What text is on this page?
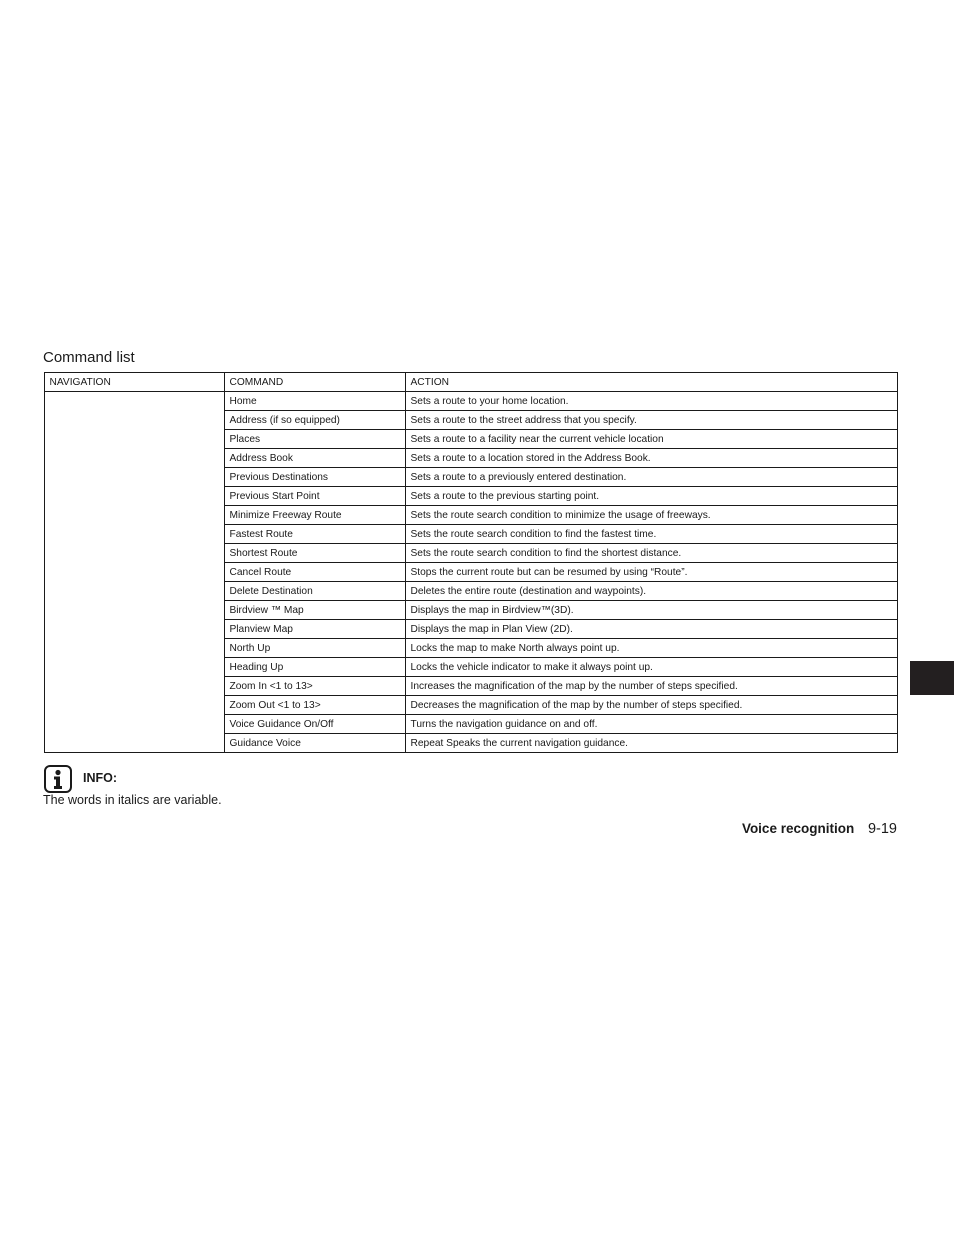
Command list
NAVIGATION	COMMAND	ACTION
	Home	Sets a route to your home location.
	Address (if so equipped)	Sets a route to the street address that you specify.
	Places	Sets a route to a facility near the current vehicle location
	Address Book	Sets a route to a location stored in the Address Book.
	Previous Destinations	Sets a route to a previously entered destination.
	Previous Start Point	Sets a route to the previous starting point.
	Minimize Freeway Route	Sets the route search condition to minimize the usage of freeways.
	Fastest Route	Sets the route search condition to find the fastest time.
	Shortest Route	Sets the route search condition to find the shortest distance.
	Cancel Route	Stops the current route but can be resumed by using “Route”.
	Delete Destination	Deletes the entire route (destination and waypoints).
	Birdview ™ Map	Displays the map in Birdview™(3D).
	Planview Map	Displays the map in Plan View (2D).
	North Up	Locks the map to make North always point up.
	Heading Up	Locks the vehicle indicator to make it always point up.
	Zoom In <1 to 13>	Increases the magnification of the map by the number of steps specified.
	Zoom Out <1 to 13>	Decreases the magnification of the map by the number of steps specified.
	Voice Guidance On/Off	Turns the navigation guidance on and off.
	Guidance Voice	Repeat Speaks the current navigation guidance.
INFO:
The words in italics are variable.
Voice recognition 9-19
